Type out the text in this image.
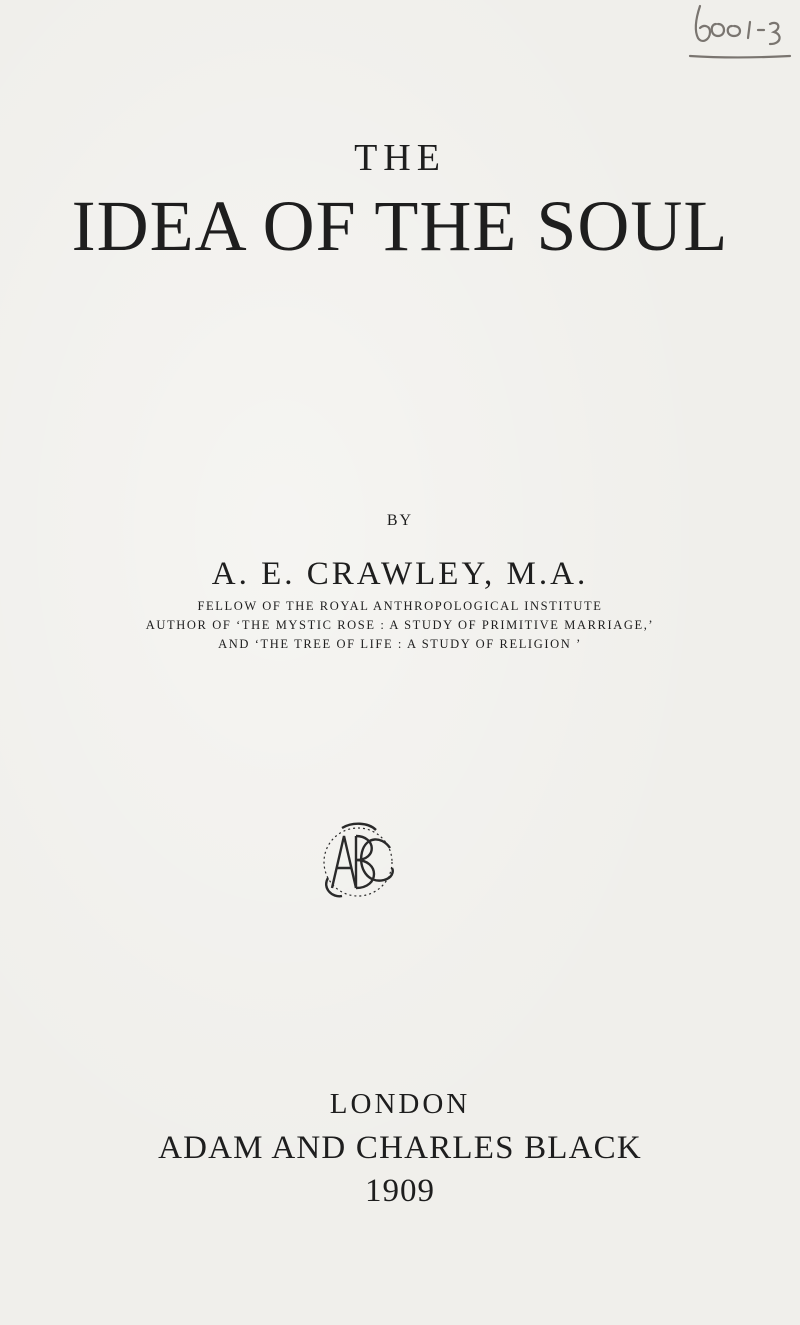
THE
IDEA OF THE SOUL
BY
A. E. CRAWLEY, M.A.
FELLOW OF THE ROYAL ANTHROPOLOGICAL INSTITUTE
AUTHOR OF ‘THE MYSTIC ROSE : A STUDY OF PRIMITIVE MARRIAGE,’
AND ‘THE TREE OF LIFE : A STUDY OF RELIGION ’
LONDON
ADAM AND CHARLES BLACK
1909
